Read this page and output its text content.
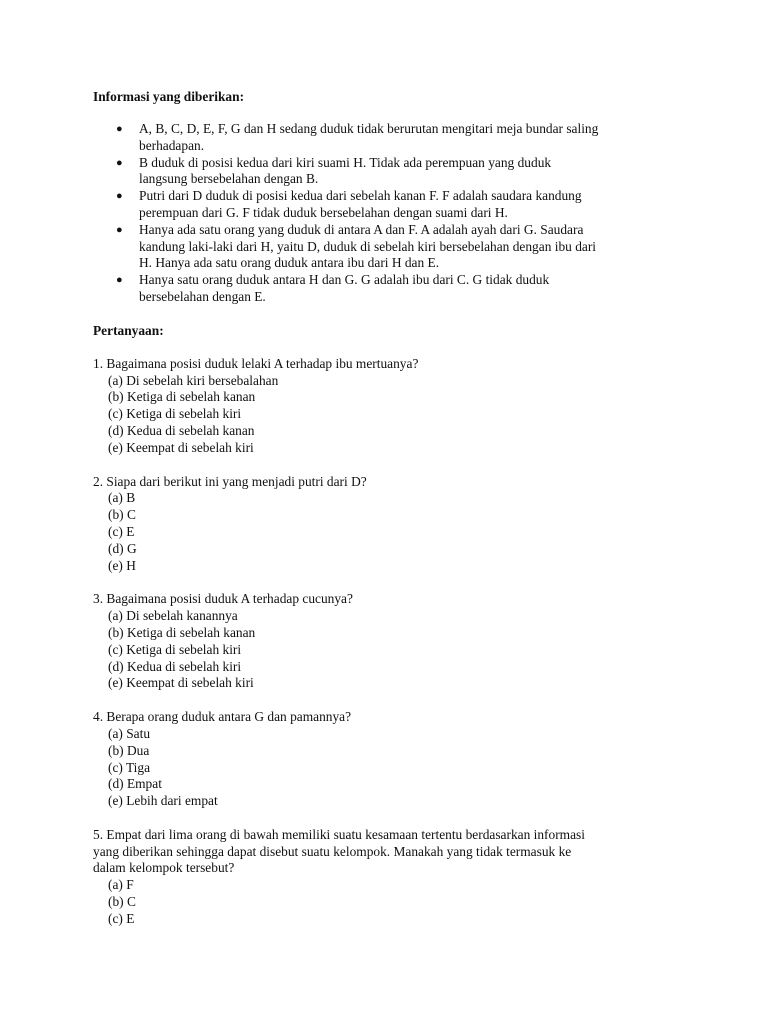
Informasi yang diberikan:

● A, B, C, D, E, F, G dan H sedang duduk tidak berurutan mengitari meja bundar saling
berhadapan.
● B duduk di posisi kedua dari kiri suami H. Tidak ada perempuan yang duduk
langsung bersebelahan dengan B.
● Putri dari D duduk di posisi kedua dari sebelah kanan F. F adalah saudara kandung
perempuan dari G. F tidak duduk bersebelahan dengan suami dari H.
● Hanya ada satu orang yang duduk di antara A dan F. A adalah ayah dari G. Saudara
kandung laki-laki dari H, yaitu D, duduk di sebelah kiri bersebelahan dengan ibu dari
H. Hanya ada satu orang duduk antara ibu dari H dan E.
● Hanya satu orang duduk antara H dan G. G adalah ibu dari C. G tidak duduk
bersebelahan dengan E.

Pertanyaan:

1. Bagaimana posisi duduk lelaki A terhadap ibu mertuanya?

(a) Di sebelah kiri bersebalahan
(b) Ketiga di sebelah kanan
(c) Ketiga di sebelah kiri
(d) Kedua di sebelah kanan
(e) Keempat di sebelah kiri

2. Siapa dari berikut ini yang menjadi putri dari D?

(a) B
(b) C
(c) E
(d) G
(e) H

3. Bagaimana posisi duduk A terhadap cucunya?

(a) Di sebelah kanannya
(b) Ketiga di sebelah kanan
(c) Ketiga di sebelah kiri
(d) Kedua di sebelah kiri
(e) Keempat di sebelah kiri

4. Berapa orang duduk antara G dan pamannya?

(a) Satu
(b) Dua
(c) Tiga
(d) Empat
(e) Lebih dari empat

5. Empat dari lima orang di bawah memiliki suatu kesamaan tertentu berdasarkan informasi
yang diberikan sehingga dapat disebut suatu kelompok. Manakah yang tidak termasuk ke
dalam kelompok tersebut?

(a) F
(b) C
(c) E
